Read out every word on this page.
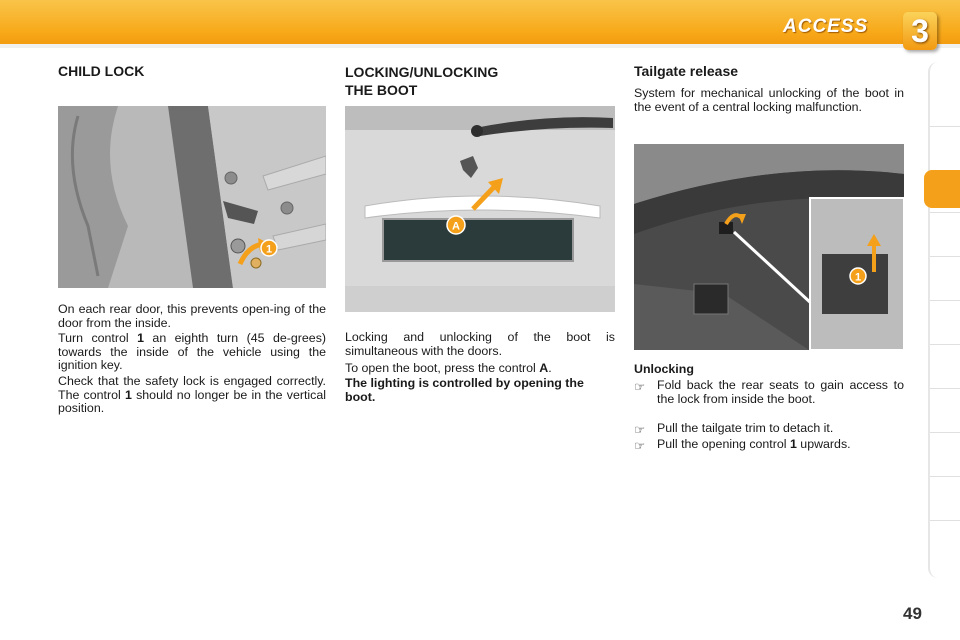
ACCESS 3
CHILD LOCK
1

On each rear door, this prevents open-ing of the door from the inside.

Turn control 1 an eighth turn (45 de-grees) towards the inside of the vehicle using the ignition key.

Check that the safety lock is engaged correctly. The control 1 should no longer be in the vertical position.

LOCKING/UNLOCKING
THE BOOT
A

Locking and unlocking of the boot is simultaneous with the doors.

To open the boot, press the control A.

The lighting is controlled by opening the boot.

Tailgate release

System for mechanical unlocking of the boot in the event of a central locking malfunction.

1
Unlocking
☞ Fold back the rear seats to gain access to the lock from inside the boot.

☞ Pull the tailgate trim to detach it.

☞ Pull the opening control 1 upwards.

49
